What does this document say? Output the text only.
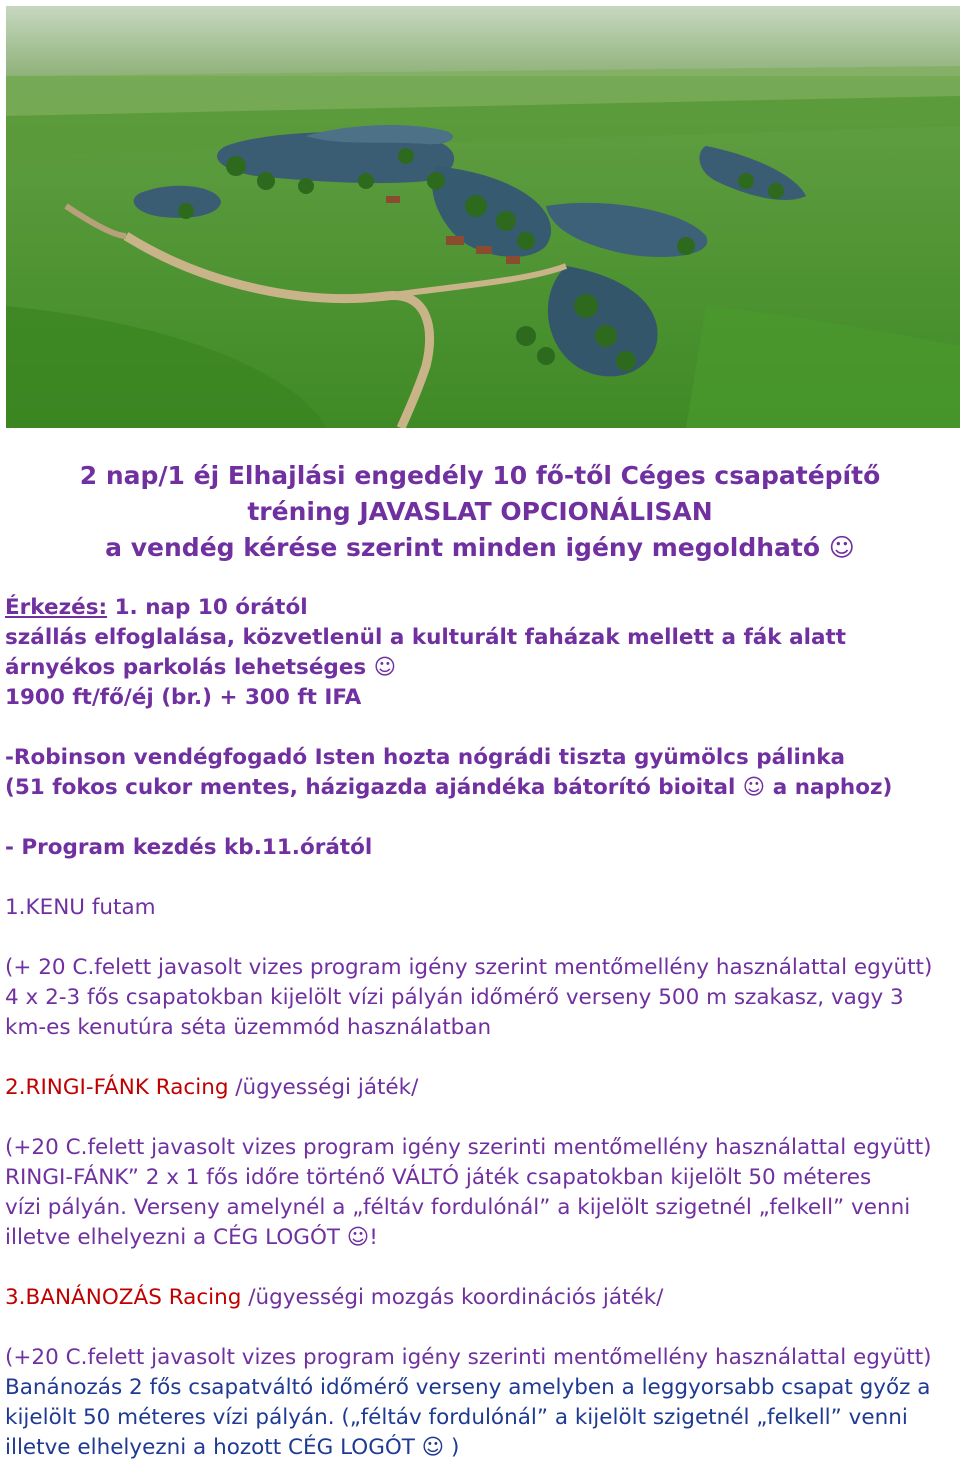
2 nap/1 éj Elhajlási engedély 10 fő-től Céges csapatépítő
tréning JAVASLAT OPCIONÁLISAN
a vendég kérése szerint minden igény megoldható ☺
Érkezés: 1. nap 10 órától
szállás elfoglalása, közvetlenül a kulturált faházak mellett a fák alatt
árnyékos parkolás lehetséges ☺
1900 ft/fő/éj (br.) + 300 ft IFA
-Robinson vendégfogadó Isten hozta nógrádi tiszta gyümölcs pálinka
(51 fokos cukor mentes, házigazda ajándéka bátorító bioital ☺ a naphoz)
- Program kezdés kb.11.órától
1.KENU futam
(+ 20 C.felett javasolt vizes program igény szerint mentőmellény használattal együtt)
4 x 2-3 fős csapatokban kijelölt vízi pályán időmérő verseny 500 m szakasz, vagy 3
km-es kenutúra séta üzemmód használatban
2.RINGI-FÁNK Racing /ügyességi játék/
(+20 C.felett javasolt vizes program igény szerinti mentőmellény használattal együtt)
RINGI-FÁNK” 2 x 1 fős időre történő VÁLTÓ játék csapatokban kijelölt 50 méteres
vízi pályán. Verseny amelynél a „féltáv fordulónál” a kijelölt szigetnél „felkell” venni
illetve elhelyezni a CÉG LOGÓT ☺!
3.BANÁNOZÁS Racing /ügyességi mozgás koordinációs játék/
(+20 C.felett javasolt vizes program igény szerinti mentőmellény használattal együtt)
Banánozás 2 fős csapatváltó időmérő verseny amelyben a leggyorsabb csapat győz a
kijelölt 50 méteres vízi pályán. („féltáv fordulónál” a kijelölt szigetnél „felkell” venni
illetve elhelyezni a hozott CÉG LOGÓT ☺ )
